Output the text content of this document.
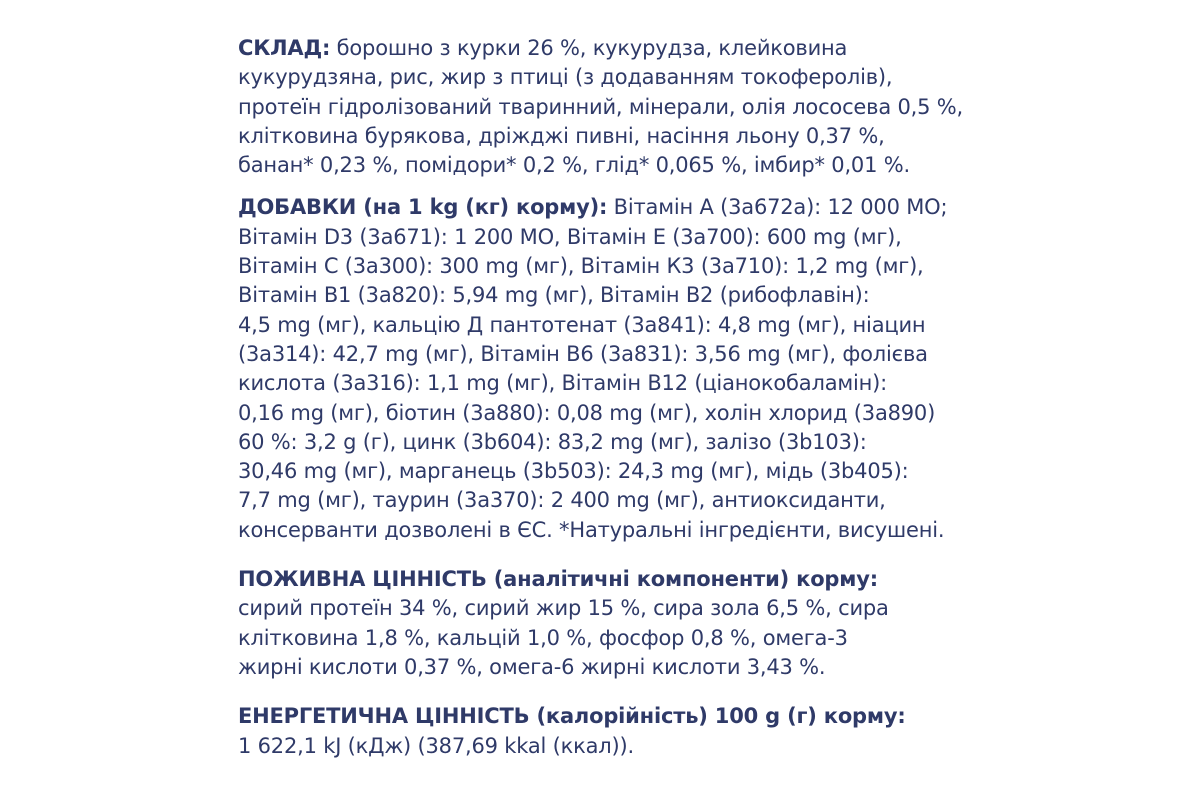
СКЛАД: борошно з курки 26 %, кукурудза, клейковина
кукурудзяна, рис, жир з птиці (з додаванням токоферолів),
протеїн гідролізований тваринний, мінерали, олія лососева 0,5 %,
клітковина бурякова, дріжджі пивні, насіння льону 0,37 %,
банан* 0,23 %, помідори* 0,2 %, глід* 0,065 %, імбир* 0,01 %.
ДОБАВКИ (на 1 kg (кг) корму): Вітамін А (3а672а): 12 000 МО;
Вітамін D3 (3а671): 1 200 МО, Вітамін Е (3а700): 600 mg (мг),
Вітамін С (3а300): 300 mg (мг), Вітамін К3 (3а710): 1,2 mg (мг),
Вітамін В1 (3а820): 5,94 mg (мг), Вітамін В2 (рибофлавін):
4,5 mg (мг), кальцію Д пантотенат (3а841): 4,8 mg (мг), ніацин
(3а314): 42,7 mg (мг), Вітамін В6 (3а831): 3,56 mg (мг), фолієва
кислота (3а316): 1,1 mg (мг), Вітамін В12 (ціанокобаламін):
0,16 mg (мг), біотин (3а880): 0,08 mg (мг), холін хлорид (3а890)
60 %: 3,2 g (г), цинк (3b604): 83,2 mg (мг), залізо (3b103):
30,46 mg (мг), марганець (3b503): 24,3 mg (мг), мідь (3b405):
7,7 mg (мг), таурин (3а370): 2 400 mg (мг), антиоксиданти,
консерванти дозволені в ЄС. *Натуральні інгредієнти, висушені.
ПОЖИВНА ЦІННІСТЬ (аналітичні компоненти) корму:
сирий протеїн 34 %, сирий жир 15 %, сира зола 6,5 %, сира
клітковина 1,8 %, кальцій 1,0 %, фосфор 0,8 %, омега-3
жирні кислоти 0,37 %, омега-6 жирні кислоти 3,43 %.
ЕНЕРГЕТИЧНА ЦІННІСТЬ (калорійність) 100 g (г) корму:
1 622,1 kJ (кДж) (387,69 kkal (ккал)).
